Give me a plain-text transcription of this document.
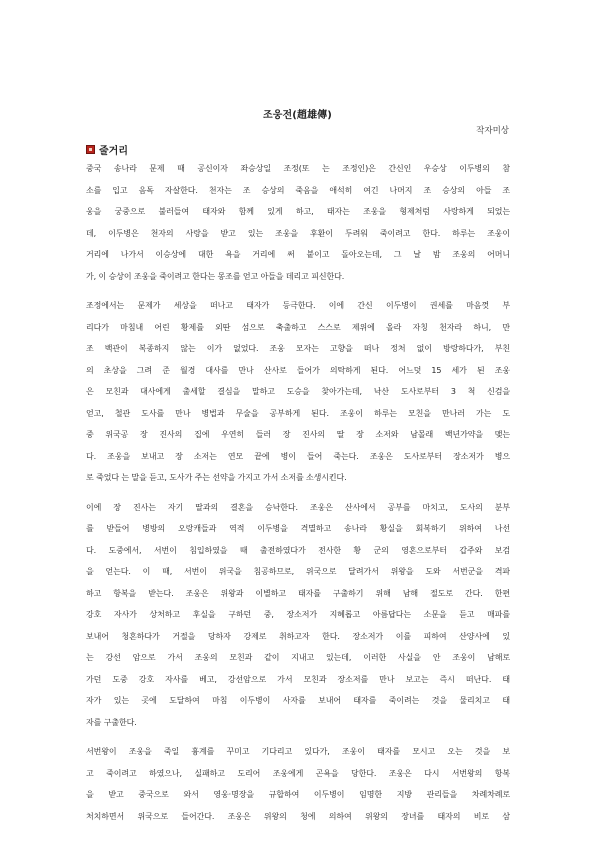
조웅전(趙雄傳)
작자미상
줄거리
중국 송나라 문제 때 공신이자 좌승상일 조정(또 는 조정인)은 간신인 우승상 이두병의 참
소를 입고 음독 자살한다. 천자는 조 승상의 죽음을 애석히 여긴 나머지 조 승상의 아들 조
웅을 궁중으로 불러들여 태자와 함께 있게 하고, 태자는 조웅을 형제처럼 사랑하게 되었는
데, 이두병은 천자의 사랑을 받고 있는 조웅을 후환이 두려워 죽이려고 한다. 하루는 조웅이
거리에 나가서 이승상에 대한 욕을 거리에 써 붙이고 돌아오는데, 그 날 밤 조웅의 어머니
가, 이 승상이 조웅을 죽이려고 한다는 몽조를 얻고 아들을 데리고 피신한다.
조정에서는 문제가 세상을 떠나고 태자가 등극한다. 이에 간신 이두병이 권세를 마음껏 부
리다가 마침내 어린 황제를 외딴 섬으로 축출하고 스스로 제위에 올라 자칭 천자라 하니, 만
조 백관이 복종하지 않는 이가 없었다. 조웅 모자는 고향을 떠나 정처 없이 방랑하다가, 부친
의 초상을 그려 준 월경 대사를 만나 산사로 들어가 의탁하게 된다. 어느덧 15 세가 된 조웅
은 모친과 대사에게 출세할 결심을 말하고 도승을 찾아가는데, 낙산 도사로부터 3 척 신검을
얻고, 철관 도사를 만나 병법과 무술을 공부하게 된다. 조웅이 하루는 모친을 만나러 가는 도
중 위국공 장 진사의 집에 우연히 들러 장 진사의 딸 장 소저와 남몰래 백년가약을 맺는
다. 조웅을 보내고 장 소저는 연모 끝에 병이 들어 죽는다. 조웅은 도사로부터 장소저가 병으
로 죽었다 는 말을 듣고, 도사가 주는 선약을 가지고 가서 소저를 소생시킨다.
이에 장 진사는 자기 딸과의 결혼을 승낙한다. 조웅은 산사에서 공부를 마치고, 도사의 분부
를 받들어 병방의 오랑캐들과 역적 이두병을 격멸하고 송나라 황실을 회복하기 위하여 나선
다. 도중에서, 서번이 침입하였을 때 출전하였다가 전사한 황 군의 영혼으로부터 갑주와 보검
을 얻는다. 이 때, 서번이 위국을 침공하므로, 위국으로 달려가서 위왕을 도와 서번군을 격파
하고 항복을 받는다. 조웅은 위왕과 이별하고 태자를 구출하기 위해 남해 절도로 간다. 한편
강호 자사가 상처하고 후실을 구하던 중, 장소저가 지혜롭고 아름답다는 소문을 듣고 매파를
보내어 청혼하다가 거절을 당하자 강제로 취하고자 한다. 장소저가 이를 피하여 산양사에 있
는 강선 암으로 가서 조웅의 모친과 같이 지내고 있는데, 이러한 사실을 안 조웅이 남해로
가던 도중 강호 자사를 베고, 강선암으로 가서 모친과 장소저를 만나 보고는 즉시 떠난다. 태
자가 있는 곳에 도달하여 마침 이두병이 사자를 보내어 태자를 죽이려는 것을 물리치고 태
자를 구출한다.
서번왕이 조웅을 죽일 흉계를 꾸미고 기다리고 있다가, 조웅이 태자를 모시고 오는 것을 보
고 죽이려고 하였으나, 실패하고 도리어 조웅에게 곤욕을 당한다. 조웅은 다시 서번왕의 항복
을 받고 중국으로 와서 영웅·명장을 규합하여 이두병이 임명한 지방 관리들을 차례차례로
처치하면서 위국으로 들어간다. 조웅은 위왕의 청에 의하여 위왕의 장녀를 태자의 비로 삼
